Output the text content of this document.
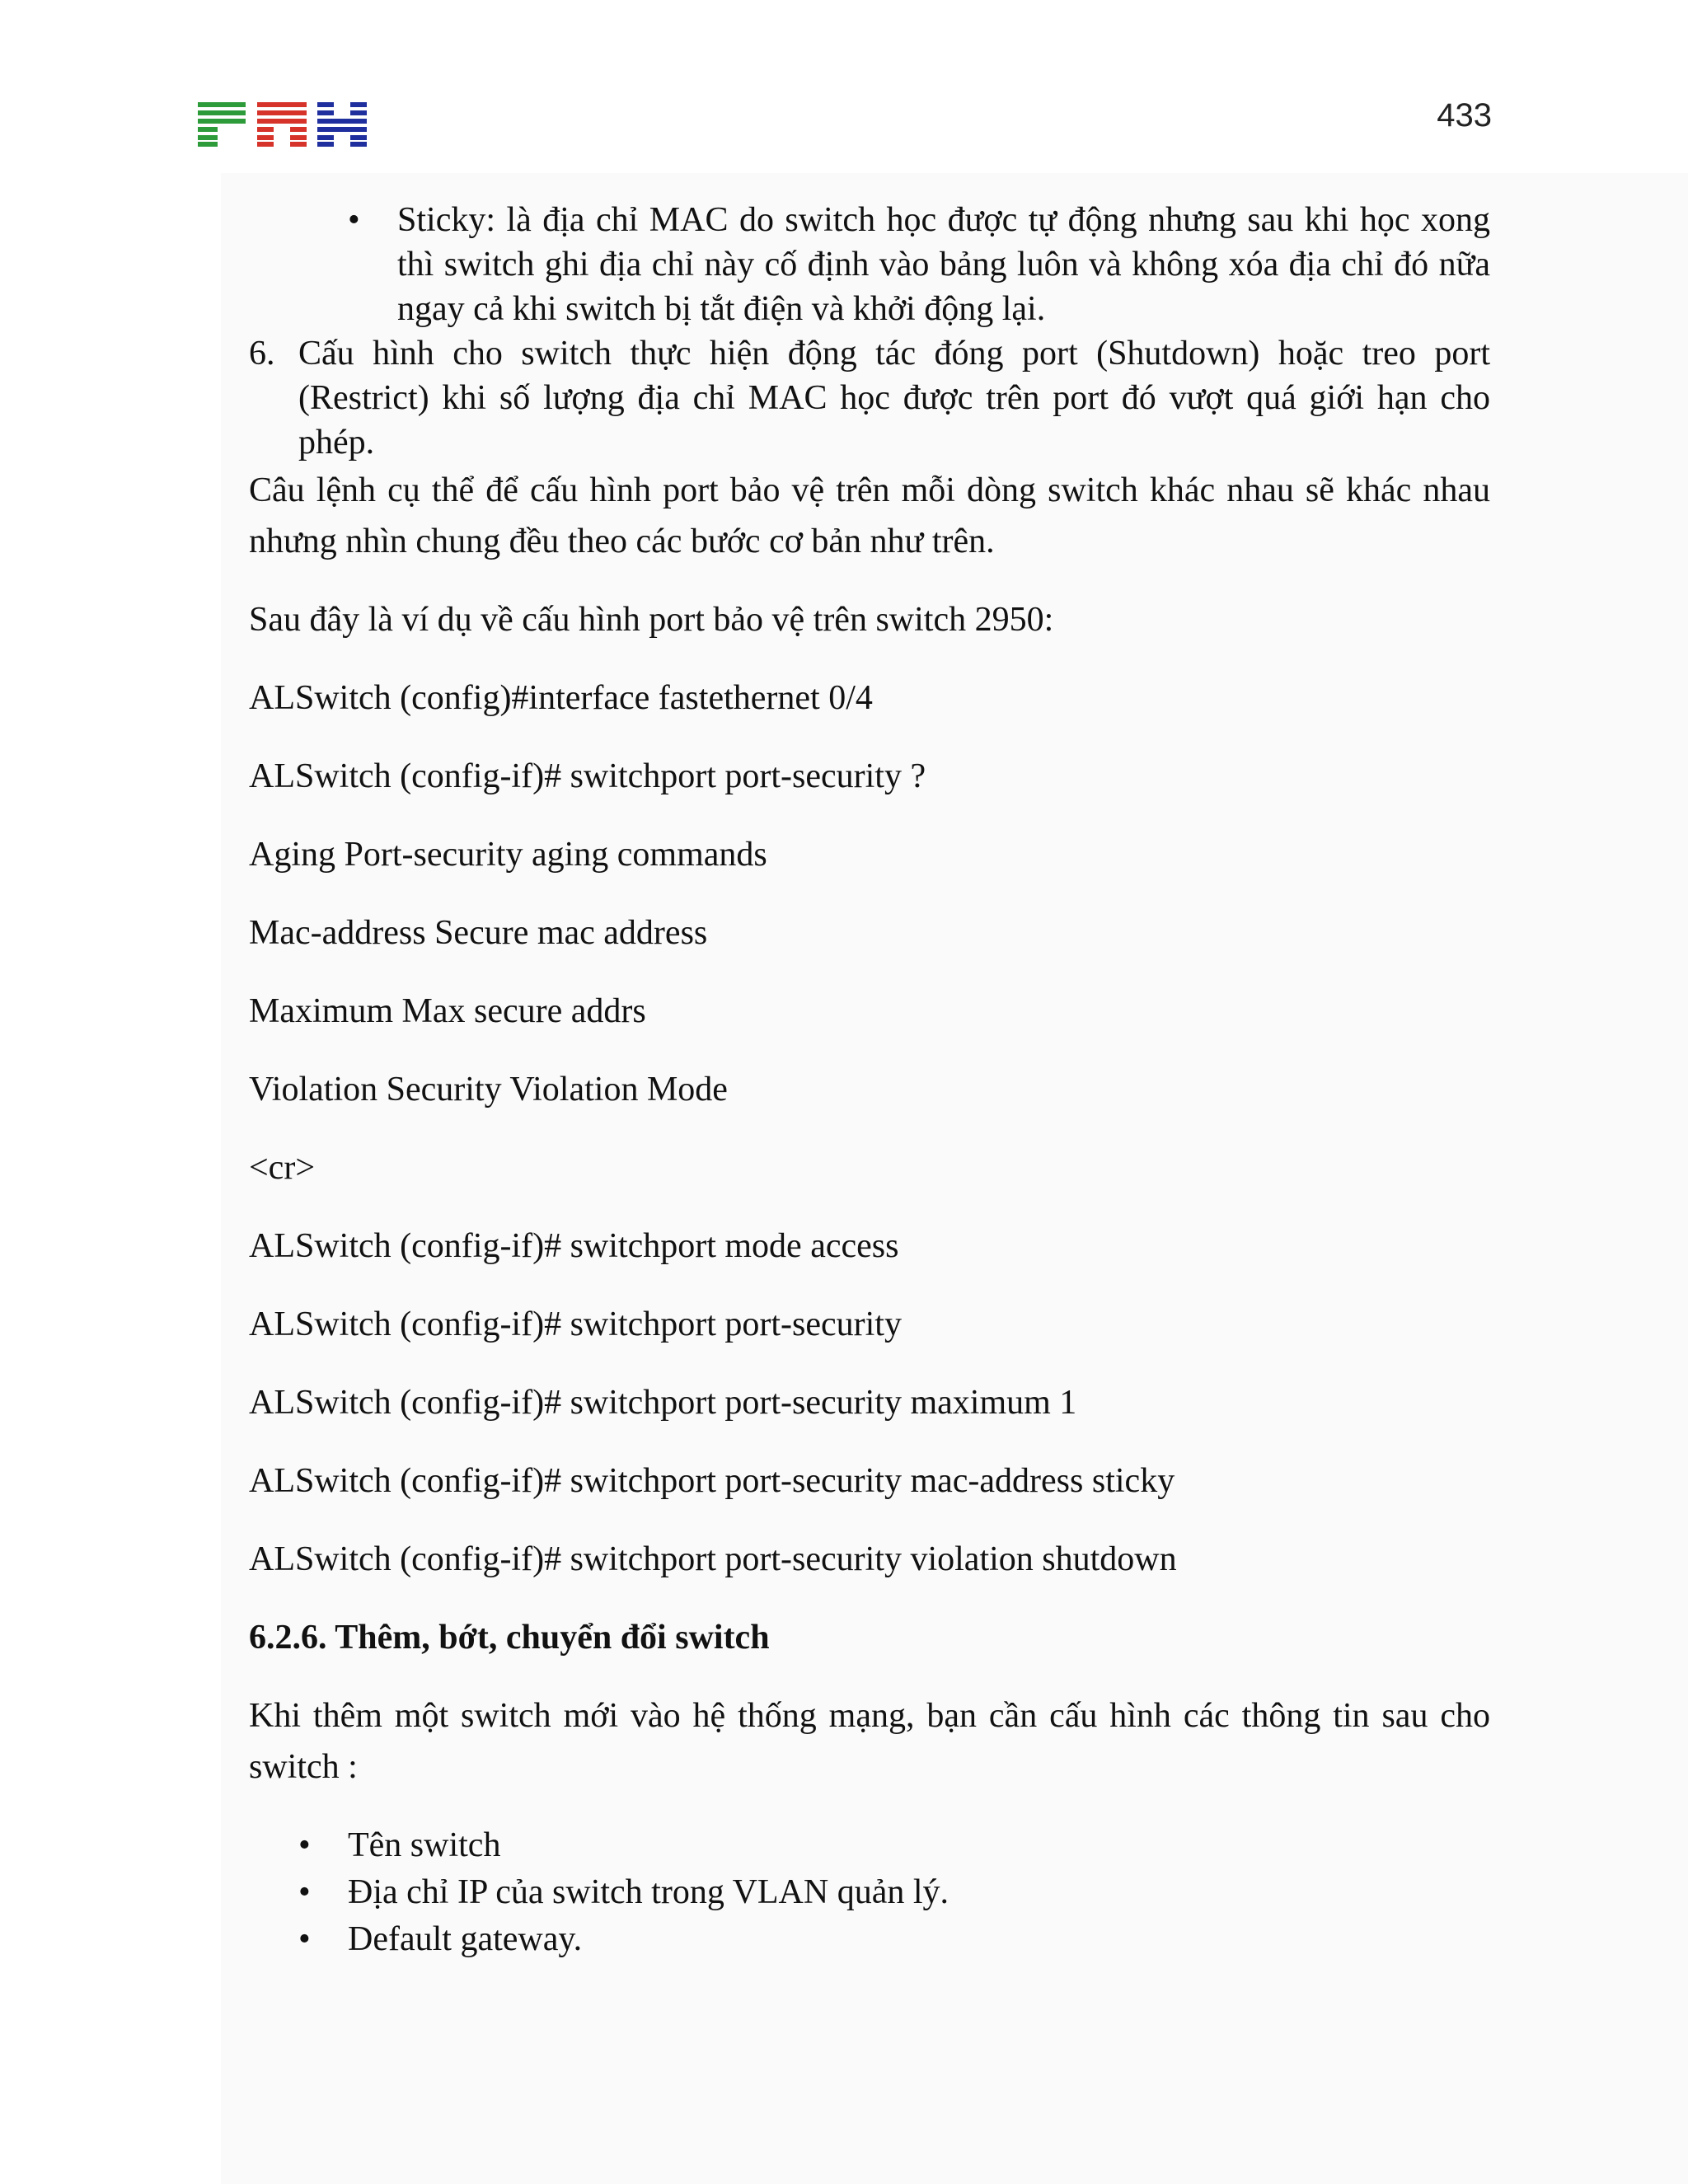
433
•	Sticky: là địa chỉ MAC do switch học được tự động nhưng sau khi học xong thì switch ghi địa chỉ này cố định vào bảng luôn và không xóa địa chỉ đó nữa ngay cả khi switch bị tắt điện và khởi động lại.
6. Cấu hình cho switch thực hiện động tác đóng port (Shutdown) hoặc treo port (Restrict) khi số lượng địa chỉ MAC học được trên port đó vượt quá giới hạn cho phép.

Câu lệnh cụ thể để cấu hình port bảo vệ trên mỗi dòng switch khác nhau sẽ khác nhau nhưng nhìn chung đều theo các bước cơ bản như trên.

Sau đây là ví dụ về cấu hình port bảo vệ trên switch 2950:

ALSwitch (config)#interface fastethernet 0/4
ALSwitch (config-if)# switchport port-security ?
Aging Port-security aging commands
Mac-address Secure mac address
Maximum Max secure addrs
Violation Security Violation Mode
<cr>
ALSwitch (config-if)# switchport mode access
ALSwitch (config-if)# switchport port-security
ALSwitch (config-if)# switchport port-security maximum 1
ALSwitch (config-if)# switchport port-security mac-address sticky
ALSwitch (config-if)# switchport port-security violation shutdown
6.2.6. Thêm, bớt, chuyển đổi switch

Khi thêm một switch mới vào hệ thống mạng, bạn cần cấu hình các thông tin sau cho switch :

• Tên switch
• Địa chỉ IP của switch trong VLAN quản lý.
• Default gateway.
